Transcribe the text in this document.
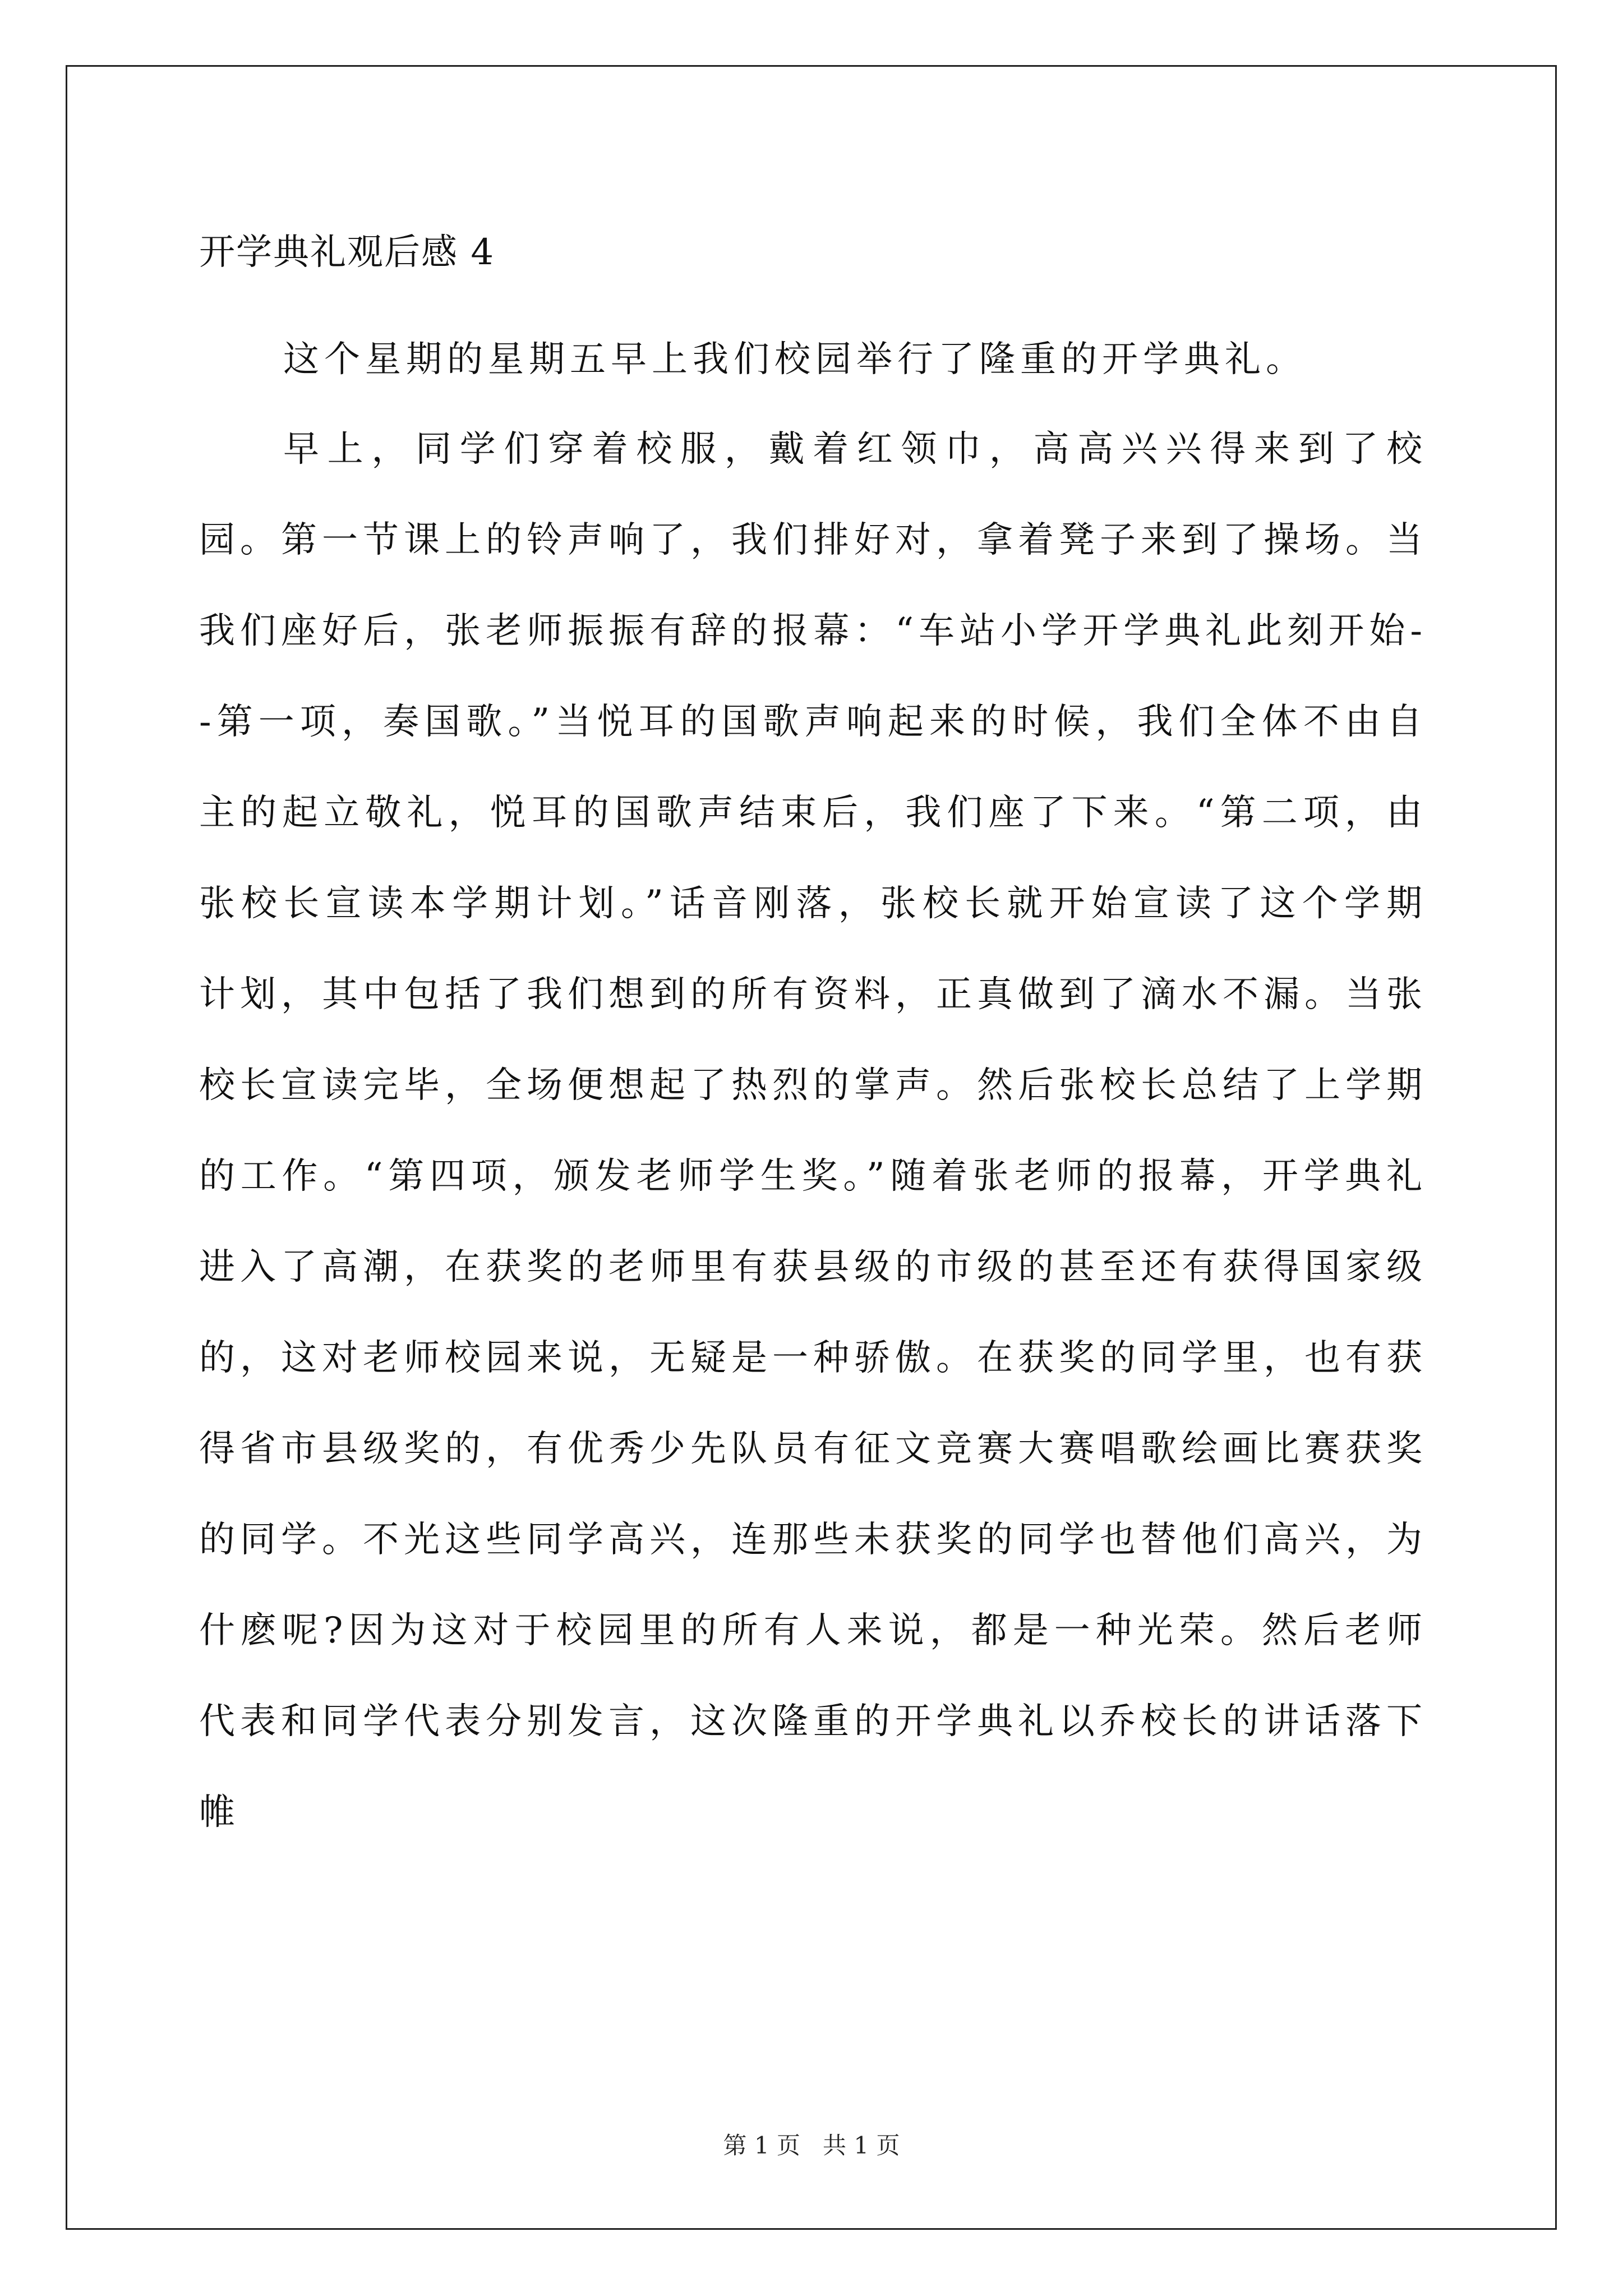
开学典礼观后感 4

这个星期的星期五早上我们校园举行了隆重的开学典礼。

早上，同学们穿着校服，戴着红领巾，高高兴兴得来到了校园。第一节课上的铃声响了，我们排好对，拿着凳子来到了操场。当我们座好后，张老师振振有辞的报幕：“车站小学开学典礼此刻开始--第一项，奏国歌。”当悦耳的国歌声响起来的时候，我们全体不由自主的起立敬礼，悦耳的国歌声结束后，我们座了下来。“第二项，由张校长宣读本学期计划。”话音刚落，张校长就开始宣读了这个学期计划，其中包括了我们想到的所有资料，正真做到了滴水不漏。当张校长宣读完毕，全场便想起了热烈的掌声。然后张校长总结了上学期的工作。“第四项，颁发老师学生奖。”随着张老师的报幕，开学典礼进入了高潮，在获奖的老师里有获县级的市级的甚至还有获得国家级的，这对老师校园来说，无疑是一种骄傲。在获奖的同学里，也有获得省市县级奖的，有优秀少先队员有征文竞赛大赛唱歌绘画比赛获奖的同学。不光这些同学高兴，连那些未获奖的同学也替他们高兴，为什麽呢?因为这对于校园里的所有人来说，都是一种光荣。然后老师代表和同学代表分别发言，这次隆重的开学典礼以乔校长的讲话落下帷

第 1 页   共 1 页
